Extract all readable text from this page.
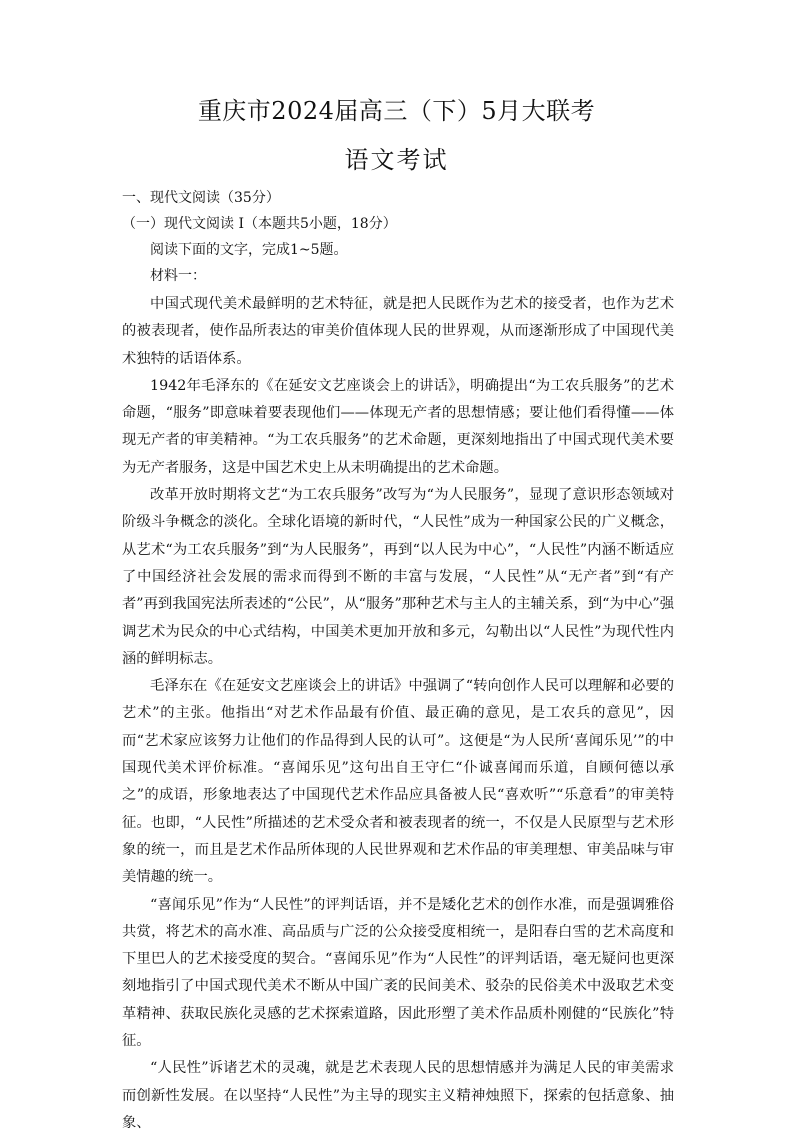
重庆市2024届高三（下）5月大联考
语文考试
一、现代文阅读（35分）
（一）现代文阅读 I（本题共5小题，18分）
阅读下面的文字，完成1~5题。
材料一：

中国式现代美术最鲜明的艺术特征，就是把人民既作为艺术的接受者，也作为艺术的被表现者，使作品所表达的审美价值体现人民的世界观，从而逐渐形成了中国现代美术独特的话语体系。

1942年毛泽东的《在延安文艺座谈会上的讲话》，明确提出“为工农兵服务”的艺术命题，“服务”即意味着要表现他们——体现无产者的思想情感；要让他们看得懂——体现无产者的审美精神。“为工农兵服务”的艺术命题，更深刻地指出了中国式现代美术要为无产者服务，这是中国艺术史上从未明确提出的艺术命题。

改革开放时期将文艺“为工农兵服务”改写为“为人民服务”，显现了意识形态领域对阶级斗争概念的淡化。全球化语境的新时代，“人民性”成为一种国家公民的广义概念，从艺术“为工农兵服务”到“为人民服务”，再到“以人民为中心”，“人民性”内涵不断适应了中国经济社会发展的需求而得到不断的丰富与发展，“人民性”从“无产者”到“有产者”再到我国宪法所表述的“公民”，从“服务”那种艺术与主人的主辅关系，到“为中心”强调艺术为民众的中心式结构，中国美术更加开放和多元，勾勒出以“人民性”为现代性内涵的鲜明标志。

毛泽东在《在延安文艺座谈会上的讲话》中强调了“转向创作人民可以理解和必要的艺术”的主张。他指出“对艺术作品最有价值、最正确的意见，是工农兵的意见”，因而“艺术家应该努力让他们的作品得到人民的认可”。这便是“为人民所‘喜闻乐见’”的中国现代美术评价标准。“喜闻乐见”这句出自王守仁“仆诚喜闻而乐道，自顾何德以承之”的成语，形象地表达了中国现代艺术作品应具备被人民“喜欢听”“乐意看”的审美特征。也即，“人民性”所描述的艺术受众者和被表现者的统一，不仅是人民原型与艺术形象的统一，而且是艺术作品所体现的人民世界观和艺术作品的审美理想、审美品味与审美情趣的统一。

“喜闻乐见”作为“人民性”的评判话语，并不是矮化艺术的创作水准，而是强调雅俗共赏，将艺术的高水准、高品质与广泛的公众接受度相统一，是阳春白雪的艺术高度和下里巴人的艺术接受度的契合。“喜闻乐见”作为“人民性”的评判话语，毫无疑问也更深刻地指引了中国式现代美术不断从中国广袤的民间美术、驳杂的民俗美术中汲取艺术变革精神、获取民族化灵感的艺术探索道路，因此形塑了美术作品质朴刚健的“民族化”特征。

“人民性”诉诸艺术的灵魂，就是艺术表现人民的思想情感并为满足人民的审美需求而创新性发展。在以坚持“人民性”为主导的现实主义精神烛照下，探索的包括意象、抽象、
